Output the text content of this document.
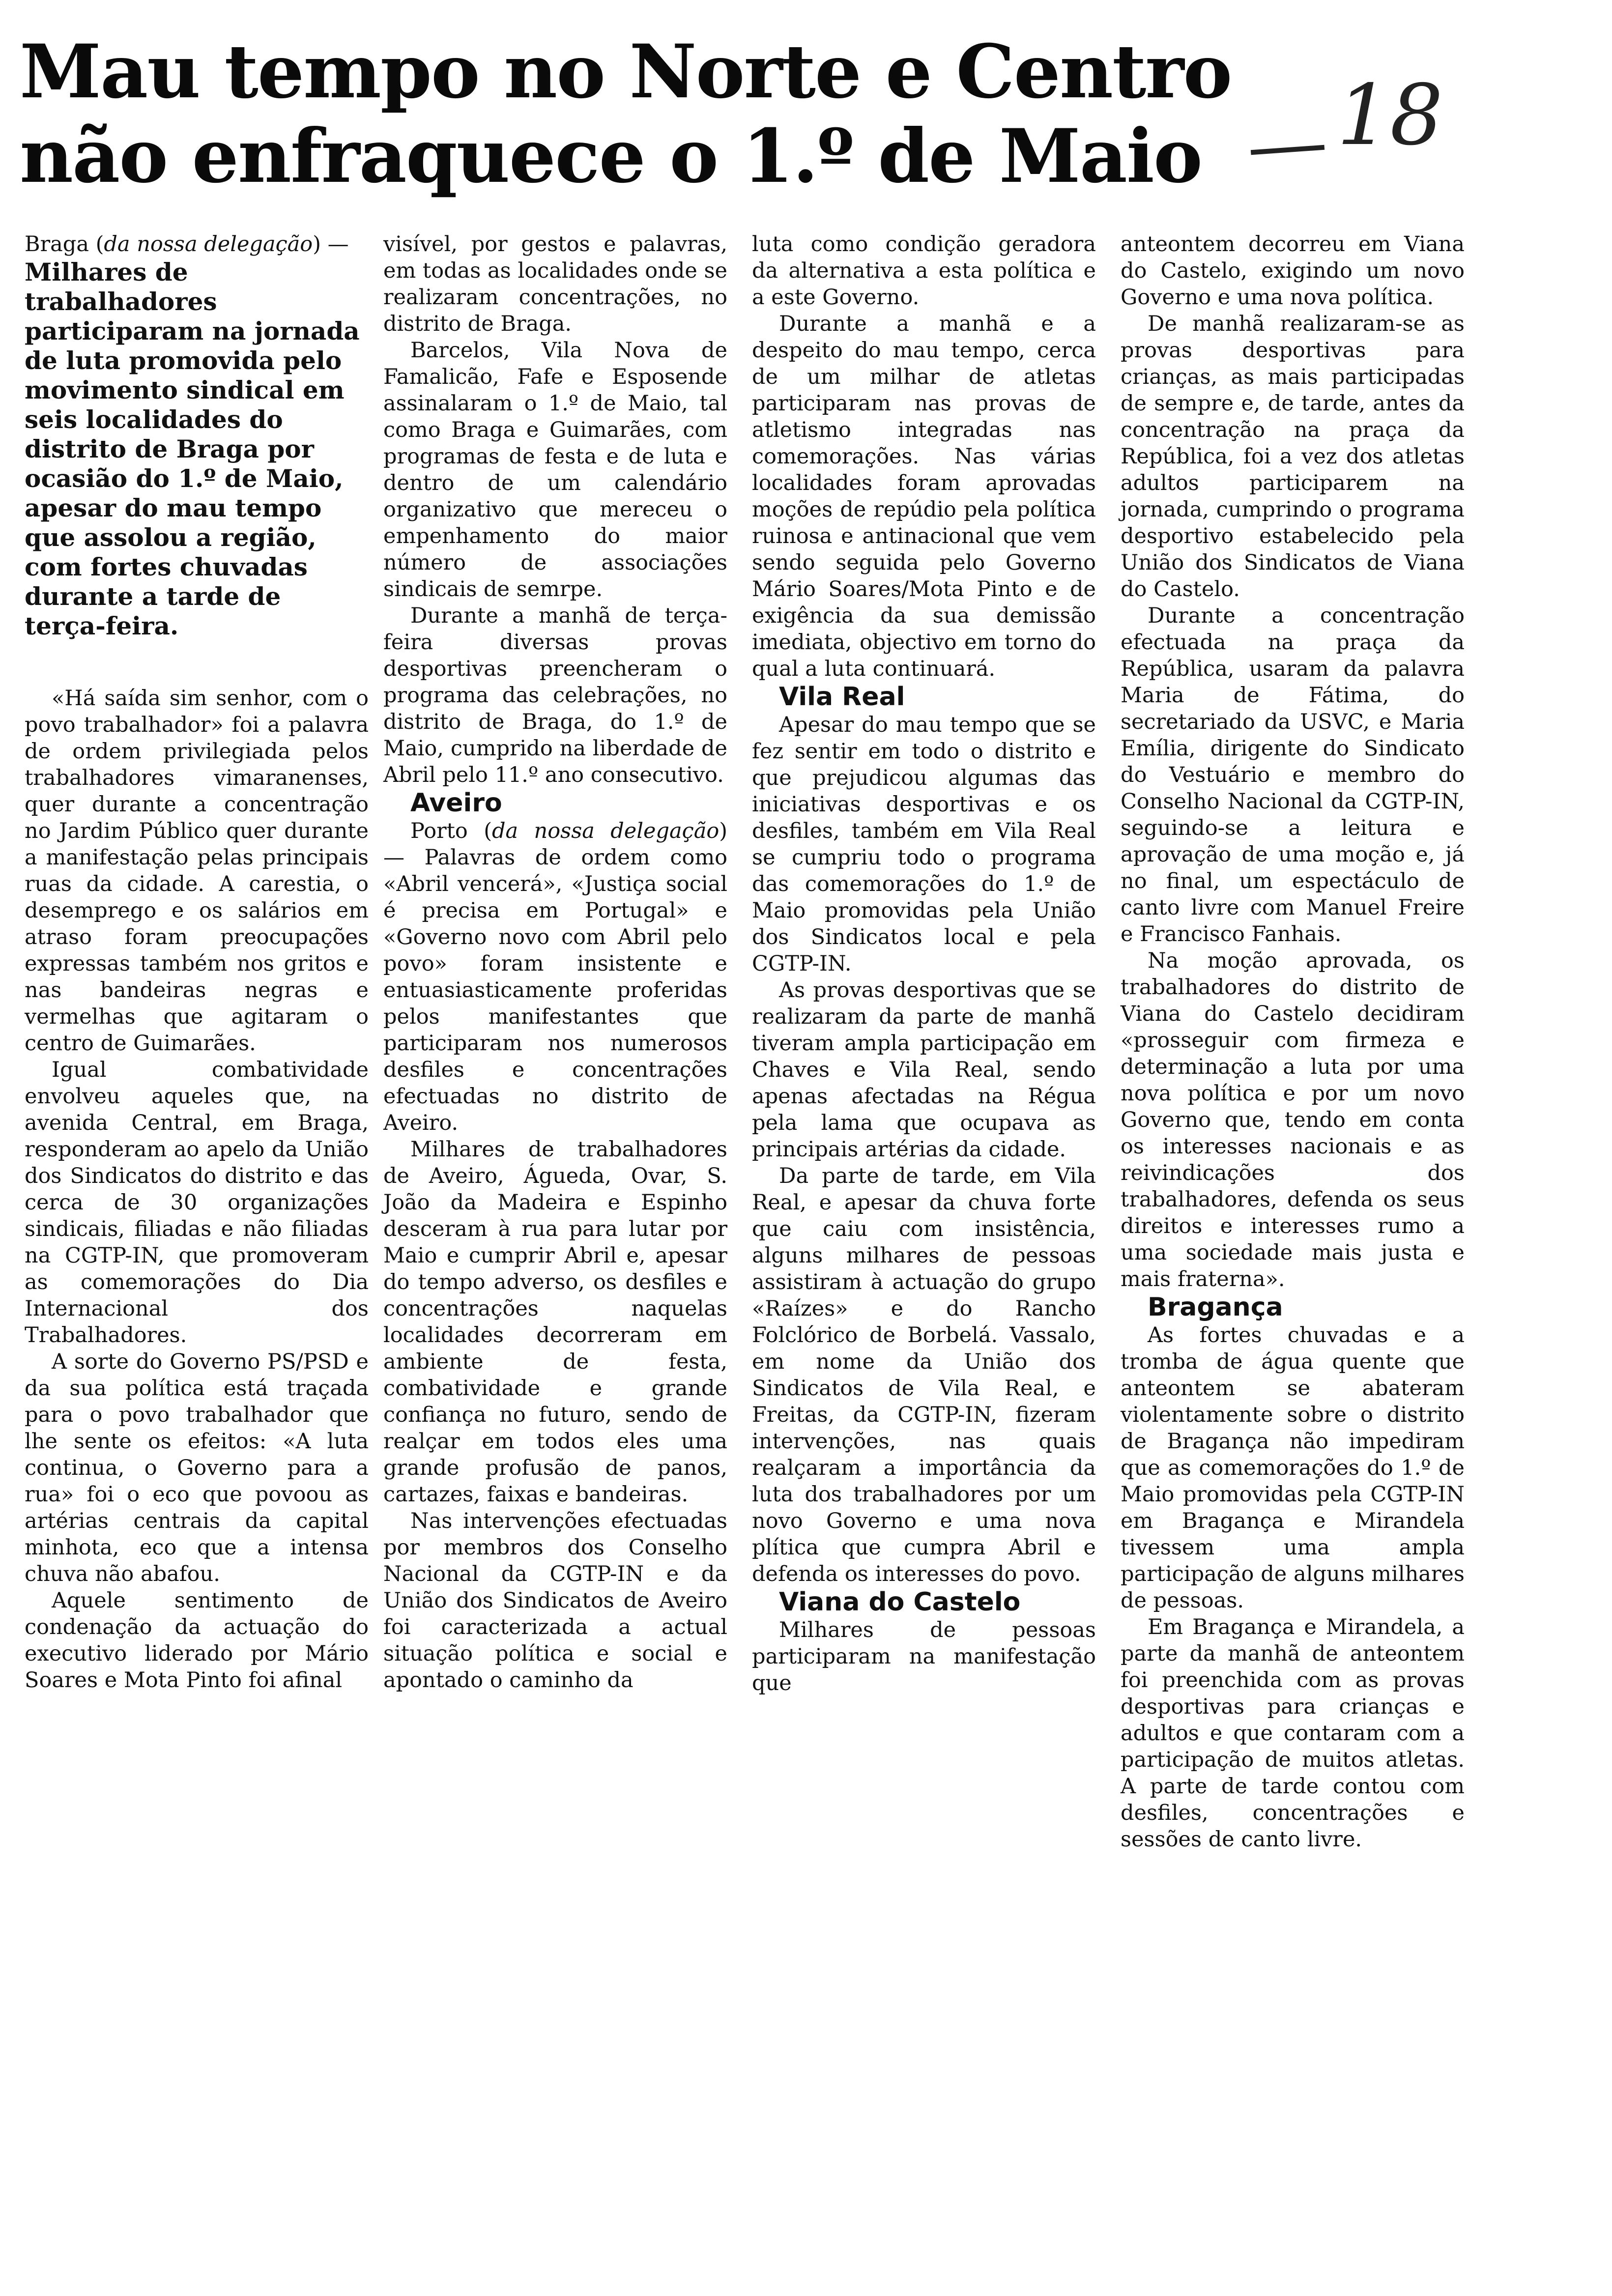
Mau tempo no Norte e Centro
não enfraquece o 1.º de Maio	18
Braga (da nossa delegação) — Milhares de trabalhadores participaram na jornada de luta promovida pelo movimento sindical em seis localidades do distrito de Braga por ocasião do 1.º de Maio, apesar do mau tempo que assolou a região, com fortes chuvadas durante a tarde de terça-feira.

«Há saída sim senhor, com o povo trabalhador» foi a palavra de ordem privilegiada pelos trabalhadores vimaranenses, quer durante a concentração no Jardim Público quer durante a manifestação pelas principais ruas da cidade. A carestia, o desemprego e os salários em atraso foram preocupações expressas também nos gritos e nas bandeiras negras e vermelhas que agitaram o centro de Guimarães.

Igual combatividade envolveu aqueles que, na avenida Central, em Braga, responderam ao apelo da União dos Sindicatos do distrito e das cerca de 30 organizações sindicais, filiadas e não filiadas na CGTP-IN, que promoveram as comemorações do Dia Internacional dos Trabalhadores.

A sorte do Governo PS/PSD e da sua política está traçada para o povo trabalhador que lhe sente os efeitos: «A luta continua, o Governo para a rua» foi o eco que povoou as artérias centrais da capital minhota, eco que a intensa chuva não abafou.

Aquele sentimento de condenação da actuação do executivo liderado por Mário Soares e Mota Pinto foi afinal

visível, por gestos e palavras, em todas as localidades onde se realizaram concentrações, no distrito de Braga.

Barcelos, Vila Nova de Famalicão, Fafe e Esposende assinalaram o 1.º de Maio, tal como Braga e Guimarães, com programas de festa e de luta e dentro de um calendário organizativo que mereceu o empenhamento do maior número de associações sindicais de semrpe.

Durante a manhã de terça-feira diversas provas desportivas preencheram o programa das celebrações, no distrito de Braga, do 1.º de Maio, cumprido na liberdade de Abril pelo 11.º ano consecutivo.

Aveiro

Porto (da nossa delegação) — Palavras de ordem como «Abril vencerá», «Justiça social é precisa em Portugal» e «Governo novo com Abril pelo povo» foram insistente e entuasiasticamente proferidas pelos manifestantes que participaram nos numerosos desfiles e concentrações efectuadas no distrito de Aveiro.

Milhares de trabalhadores de Aveiro, Águeda, Ovar, S. João da Madeira e Espinho desceram à rua para lutar por Maio e cumprir Abril e, apesar do tempo adverso, os desfiles e concentrações naquelas localidades decorreram em ambiente de festa, combatividade e grande confiança no futuro, sendo de realçar em todos eles uma grande profusão de panos, cartazes, faixas e bandeiras.

Nas intervenções efectuadas por membros dos Conselho Nacional da CGTP-IN e da União dos Sindicatos de Aveiro foi caracterizada a actual situação política e social e apontado o caminho da

luta como condição geradora da alternativa a esta política e a este Governo.

Durante a manhã e a despeito do mau tempo, cerca de um milhar de atletas participaram nas provas de atletismo integradas nas comemorações. Nas várias localidades foram aprovadas moções de repúdio pela política ruinosa e antinacional que vem sendo seguida pelo Governo Mário Soares/Mota Pinto e de exigência da sua demissão imediata, objectivo em torno do qual a luta continuará.

Vila Real

Apesar do mau tempo que se fez sentir em todo o distrito e que prejudicou algumas das iniciativas desportivas e os desfiles, também em Vila Real se cumpriu todo o programa das comemorações do 1.º de Maio promovidas pela União dos Sindicatos local e pela CGTP-IN.

As provas desportivas que se realizaram da parte de manhã tiveram ampla participação em Chaves e Vila Real, sendo apenas afectadas na Régua pela lama que ocupava as principais artérias da cidade.

Da parte de tarde, em Vila Real, e apesar da chuva forte que caiu com insistência, alguns milhares de pessoas assistiram à actuação do grupo «Raízes» e do Rancho Folclórico de Borbelá. Vassalo, em nome da União dos Sindicatos de Vila Real, e Freitas, da CGTP-IN, fizeram intervenções, nas quais realçaram a importância da luta dos trabalhadores por um novo Governo e uma nova plítica que cumpra Abril e defenda os interesses do povo.

Viana do Castelo

Milhares de pessoas participaram na manifestação que

anteontem decorreu em Viana do Castelo, exigindo um novo Governo e uma nova política.

De manhã realizaram-se as provas desportivas para crianças, as mais participadas de sempre e, de tarde, antes da concentração na praça da República, foi a vez dos atletas adultos participarem na jornada, cumprindo o programa desportivo estabelecido pela União dos Sindicatos de Viana do Castelo.

Durante a concentração efectuada na praça da República, usaram da palavra Maria de Fátima, do secretariado da USVC, e Maria Emília, dirigente do Sindicato do Vestuário e membro do Conselho Nacional da CGTP-IN, seguindo-se a leitura e aprovação de uma moção e, já no final, um espectáculo de canto livre com Manuel Freire e Francisco Fanhais.

Na moção aprovada, os trabalhadores do distrito de Viana do Castelo decidiram «prosseguir com firmeza e determinação a luta por uma nova política e por um novo Governo que, tendo em conta os interesses nacionais e as reivindicações dos trabalhadores, defenda os seus direitos e interesses rumo a uma sociedade mais justa e mais fraterna».

Bragança

As fortes chuvadas e a tromba de água quente que anteontem se abateram violentamente sobre o distrito de Bragança não impediram que as comemorações do 1.º de Maio promovidas pela CGTP-IN em Bragança e Mirandela tivessem uma ampla participação de alguns milhares de pessoas.

Em Bragança e Mirandela, a parte da manhã de anteontem foi preenchida com as provas desportivas para crianças e adultos e que contaram com a participação de muitos atletas. A parte de tarde contou com desfiles, concentrações e sessões de canto livre.
